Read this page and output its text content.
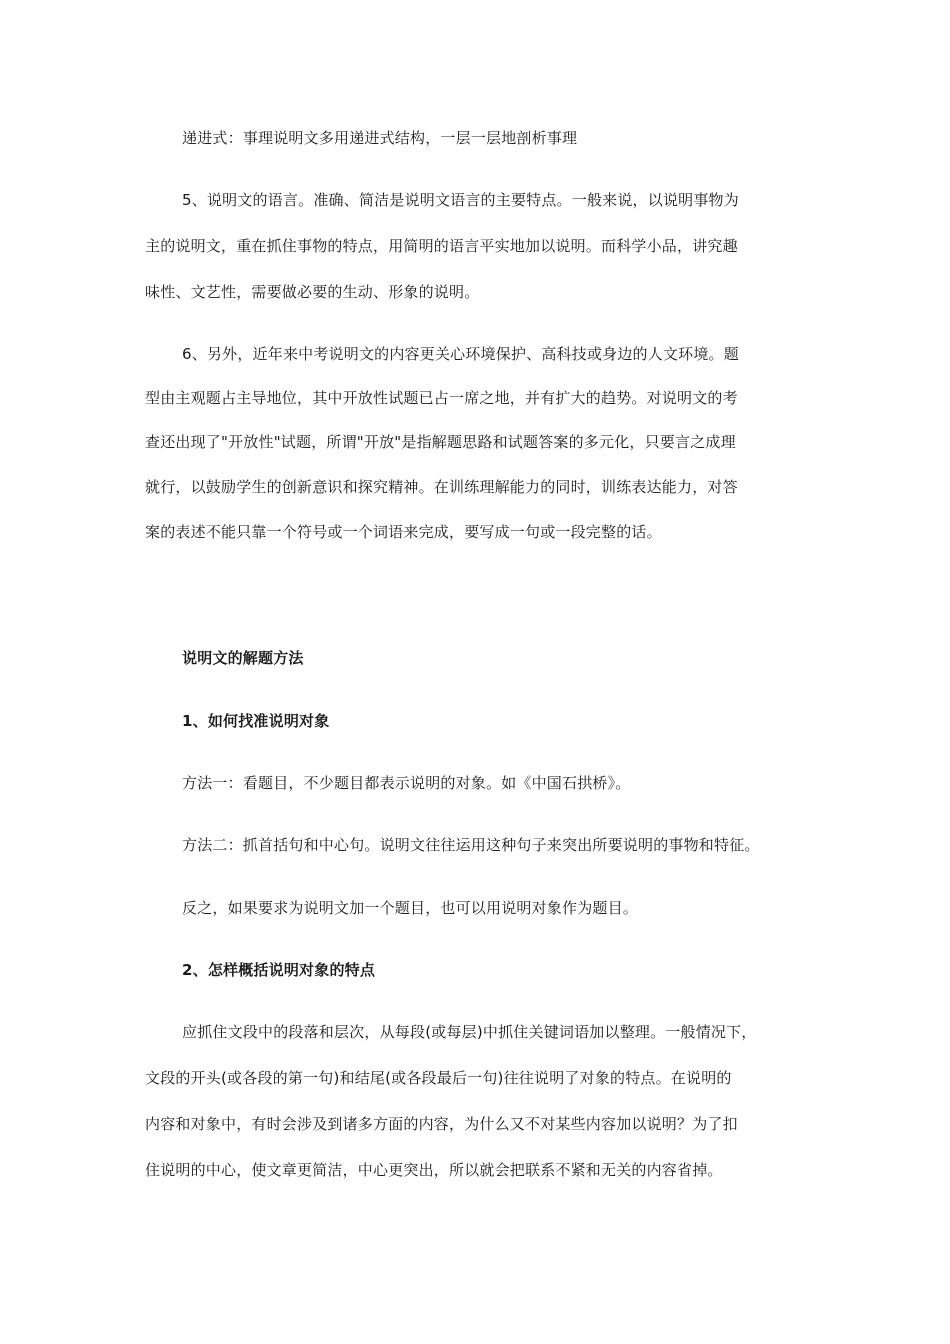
递进式：事理说明文多用递进式结构，一层一层地剖析事理
5、说明文的语言。准确、简洁是说明文语言的主要特点。一般来说，以说明事物为
主的说明文，重在抓住事物的特点，用简明的语言平实地加以说明。而科学小品，讲究趣
味性、文艺性，需要做必要的生动、形象的说明。
6、另外，近年来中考说明文的内容更关心环境保护、高科技或身边的人文环境。题
型由主观题占主导地位，其中开放性试题已占一席之地，并有扩大的趋势。对说明文的考
查还出现了"开放性"试题，所谓"开放"是指解题思路和试题答案的多元化，只要言之成理
就行，以鼓励学生的创新意识和探究精神。在训练理解能力的同时，训练表达能力，对答
案的表述不能只靠一个符号或一个词语来完成，要写成一句或一段完整的话。
说明文的解题方法
1、如何找准说明对象
方法一：看题目，不少题目都表示说明的对象。如《中国石拱桥》。
方法二：抓首括句和中心句。说明文往往运用这种句子来突出所要说明的事物和特征。
反之，如果要求为说明文加一个题目，也可以用说明对象作为题目。
2、怎样概括说明对象的特点
应抓住文段中的段落和层次，从每段(或每层)中抓住关键词语加以整理。一般情况下，
文段的开头(或各段的第一句)和结尾(或各段最后一句)往往说明了对象的特点。在说明的
内容和对象中，有时会涉及到诸多方面的内容，为什么又不对某些内容加以说明？为了扣
住说明的中心，使文章更简洁，中心更突出，所以就会把联系不紧和无关的内容省掉。
